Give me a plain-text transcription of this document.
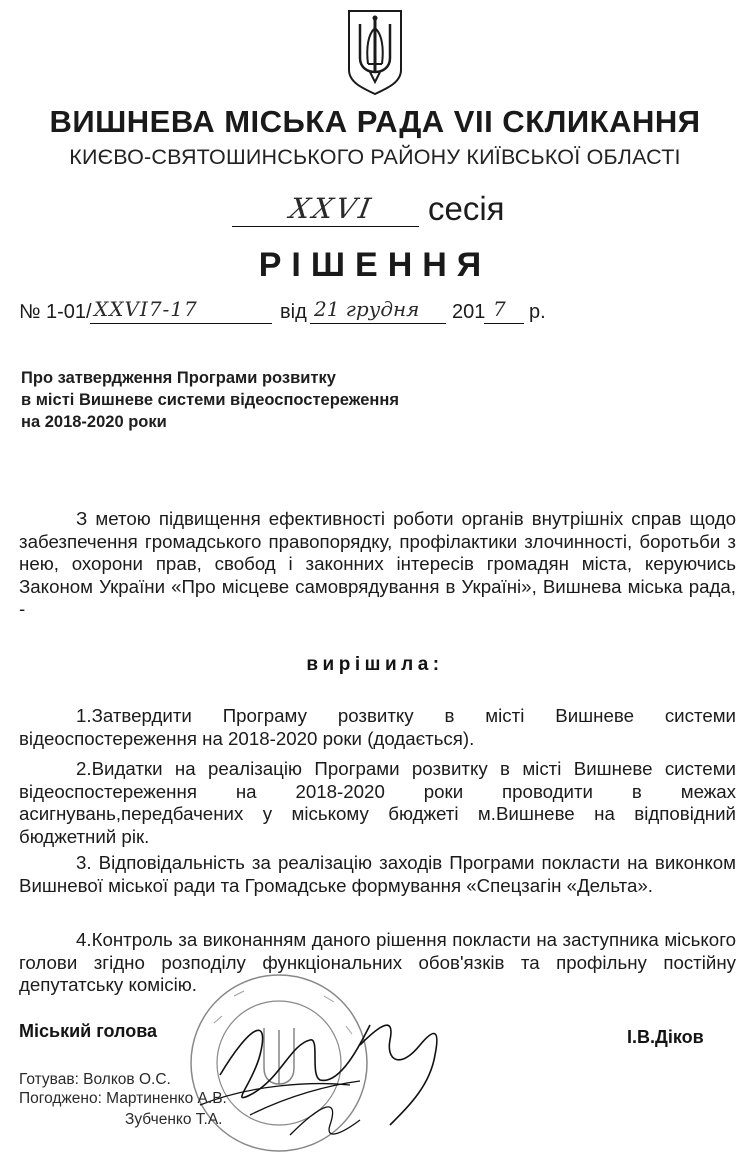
ВИШНЕВА МІСЬКА РАДА VII СКЛИКАННЯ
КИЄВО-СВЯТОШИНСЬКОГО РАЙОНУ КИЇВСЬКОЇ ОБЛАСТІ
XXVI сесія
РІШЕННЯ
№ 1-01/ XXVI7-17	від 21 грудня 201 7 р.
Про затвердження Програми розвитку
в місті Вишневе системи відеоспостереження
на 2018-2020 роки
З метою підвищення ефективності роботи органів внутрішніх справ щодо забезпечення громадського правопорядку, профілактики злочинності, боротьби з нею, охорони прав, свобод і законних інтересів громадян міста, керуючись Законом України «Про місцеве самоврядування в Україні», Вишнева міська рада, -
вирішила:
1.Затвердити Програму розвитку в місті Вишневе системи відеоспостереження на 2018-2020 роки (додається).
2.Видатки на реалізацію Програми розвитку в місті Вишневе системи відеоспостереження на 2018-2020 роки проводити в межах асигнувань,передбачених у міському бюджеті м.Вишневе на відповідний бюджетний рік.
3. Відповідальність за реалізацію заходів Програми покласти на виконком Вишневої міської ради та Громадське формування «Спецзагін «Дельта».
4.Контроль за виконанням даного рішення покласти на заступника міського голови згідно розподілу функціональних обов'язків та профільну постійну депутатську комісію.
Міський голова	І.В.Діков
Готував: Волков О.С.
Погоджено: Мартиненко А.В.
Зубченко Т.А.
